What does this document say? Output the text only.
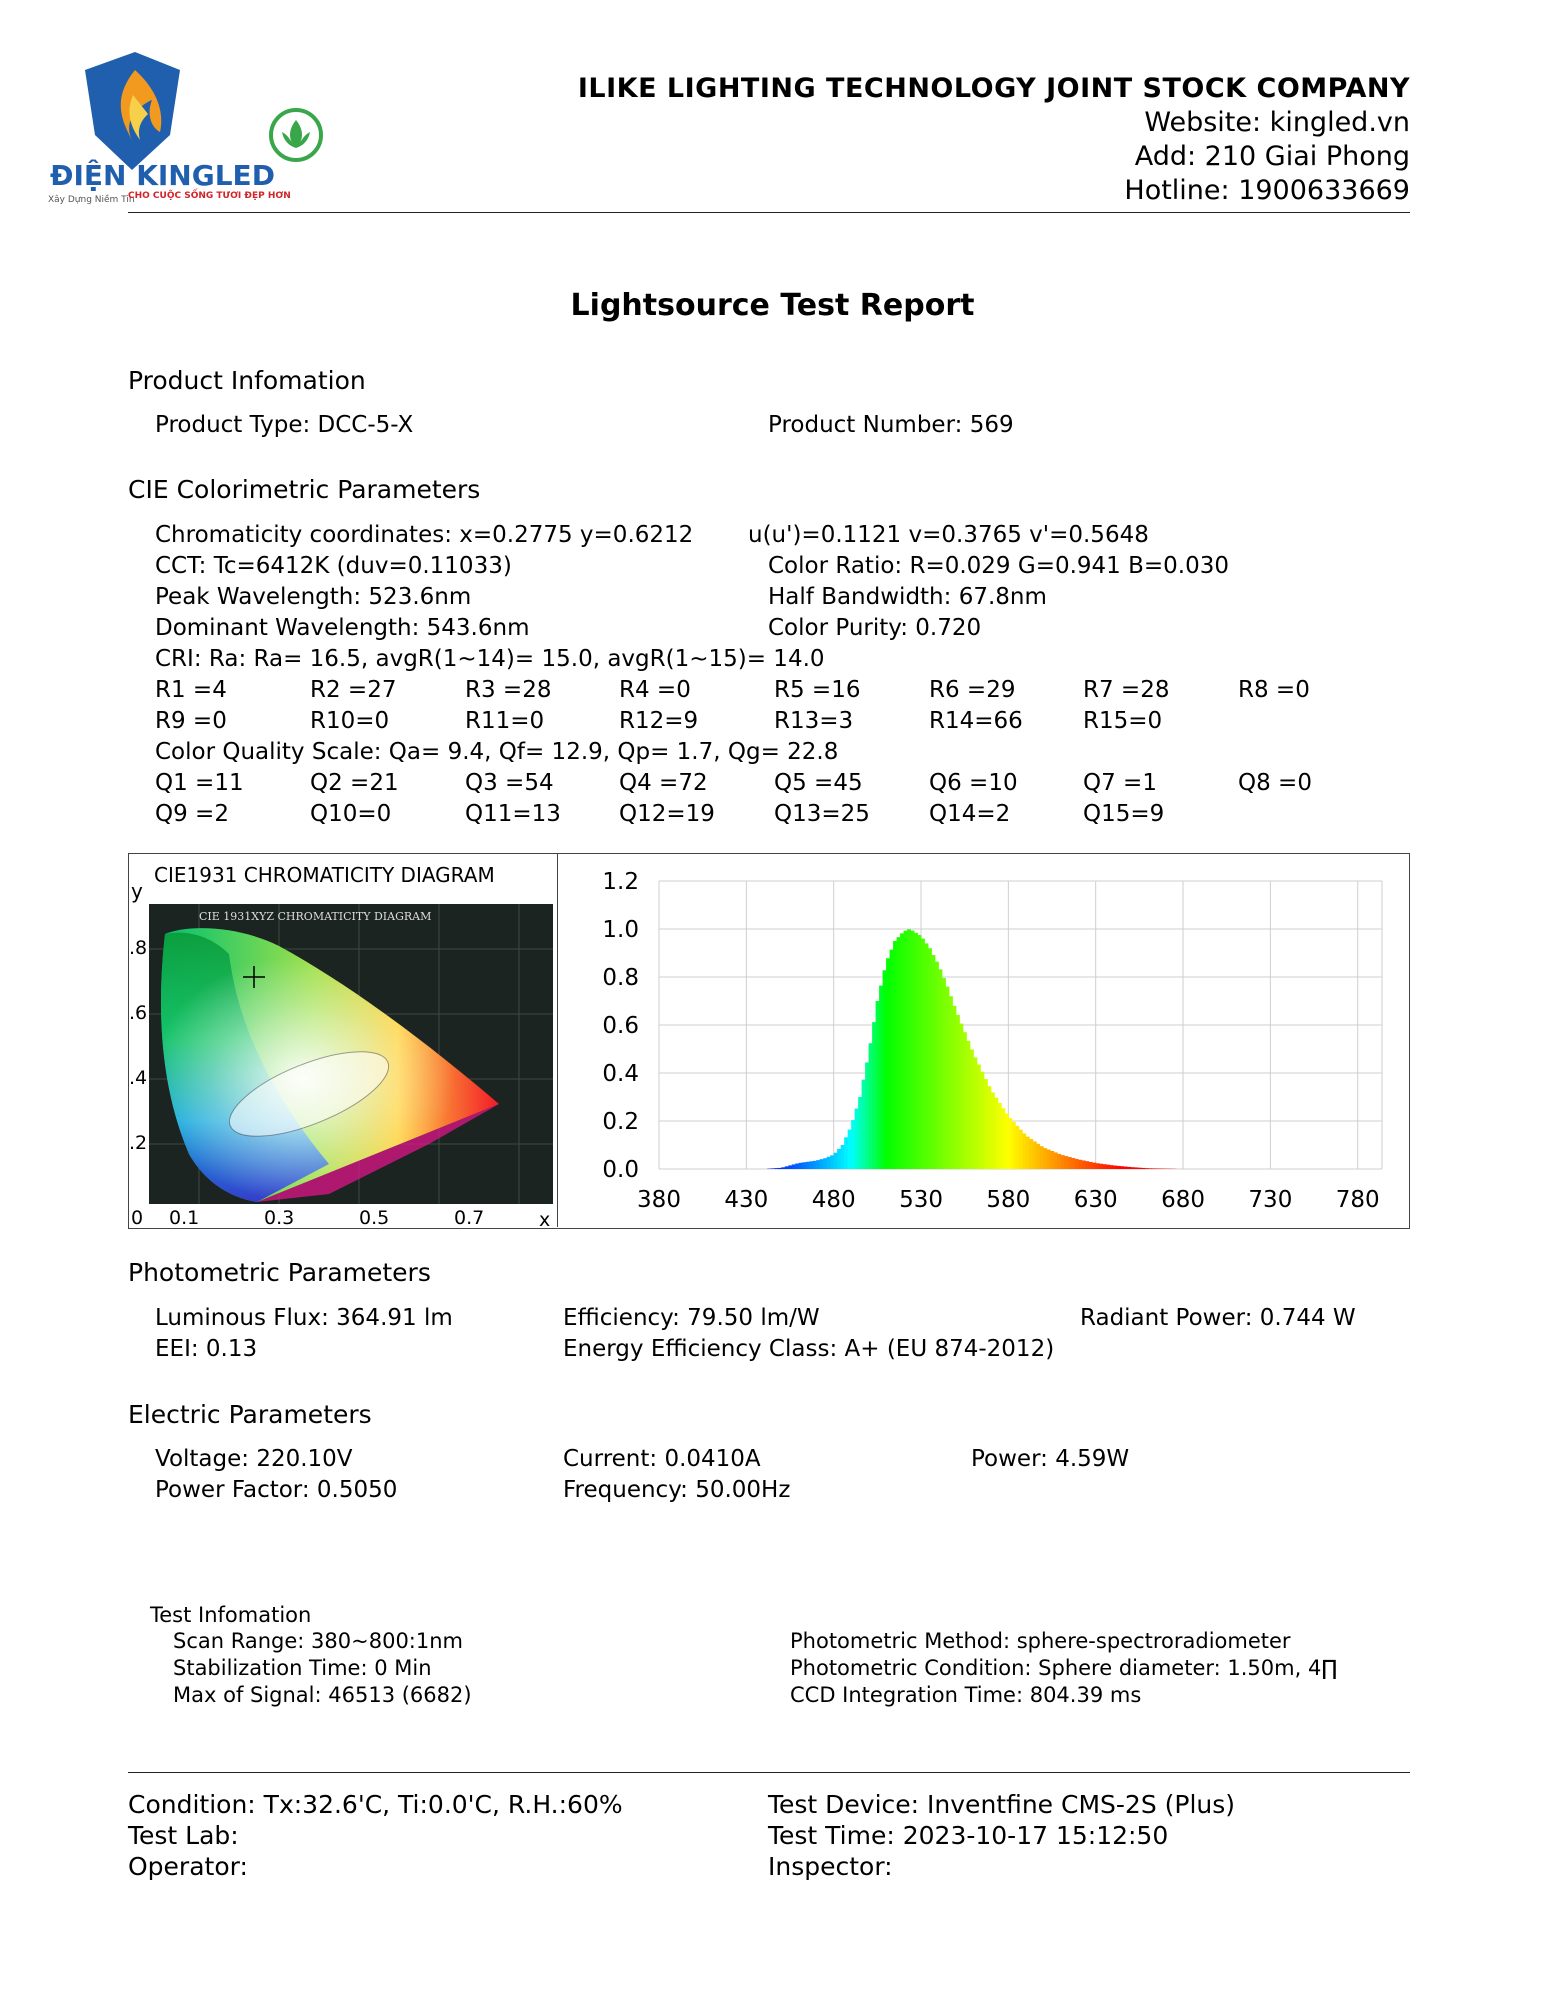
ĐIỆN KINGLED
Xây Dựng Niềm Tin
CHO CUỘC SỐNG TƯƠI ĐẸP HƠN
ILIKE LIGHTING TECHNOLOGY JOINT STOCK COMPANY
Website: kingled.vn
Add: 210 Giai Phong
Hotline: 1900633669
Lightsource Test Report
Product Infomation
Product Type: DCC-5-X	Product Number: 569
CIE Colorimetric Parameters
Chromaticity coordinates: x=0.2775 y=0.6212 u(u')=0.1121 v=0.3765 v'=0.5648
CCT: Tc=6412K (duv=0.11033)	Color Ratio: R=0.029 G=0.941 B=0.030
Peak Wavelength: 523.6nm	Half Bandwidth: 67.8nm
Dominant Wavelength: 543.6nm	Color Purity: 0.720
CRI: Ra: Ra= 16.5, avgR(1~14)= 15.0, avgR(1~15)= 14.0
R1 =4	R2 =27	R3 =28	R4 =0	R5 =16	R6 =29	R7 =28	R8 =0
R9 =0	R10=0	R11=0	R12=9	R13=3	R14=66	R15=0
Color Quality Scale: Qa= 9.4, Qf= 12.9, Qp= 1.7, Qg= 22.8
Q1 =11	Q2 =21	Q3 =54	Q4 =72	Q5 =45	Q6 =10	Q7 =1	Q8 =0
Q9 =2	Q10=0	Q11=13	Q12=19	Q13=25	Q14=2	Q15=9
CIE1931 CHROMATICITY DIAGRAM
y
CIE 1931XYZ CHROMATICITY DIAGRAM
.8
.6
.4
.2
0 0.1	0.3	0.5	0.7	x
0.0
0.2
0.4
0.6
0.8
1.0
1.2
380 430 480 530 580 630 680 730 780
Photometric Parameters
Luminous Flux: 364.91 lm	Efficiency: 79.50 lm/W	Radiant Power: 0.744 W
EEI: 0.13	Energy Efficiency Class: A+ (EU 874-2012)
Electric Parameters
Voltage: 220.10V	Current: 0.0410A	Power: 4.59W
Power Factor: 0.5050	Frequency: 50.00Hz
Test Infomation
Scan Range: 380~800:1nm
Stabilization Time: 0 Min
Max of Signal: 46513 (6682)
Photometric Method: sphere-spectroradiometer
Photometric Condition: Sphere diameter: 1.50m, 4∏
CCD Integration Time: 804.39 ms
Condition: Tx:32.6'C, Ti:0.0'C, R.H.:60%	Test Device: Inventfine CMS-2S (Plus)
Test Lab:	Test Time: 2023-10-17 15:12:50
Operator:	Inspector:
